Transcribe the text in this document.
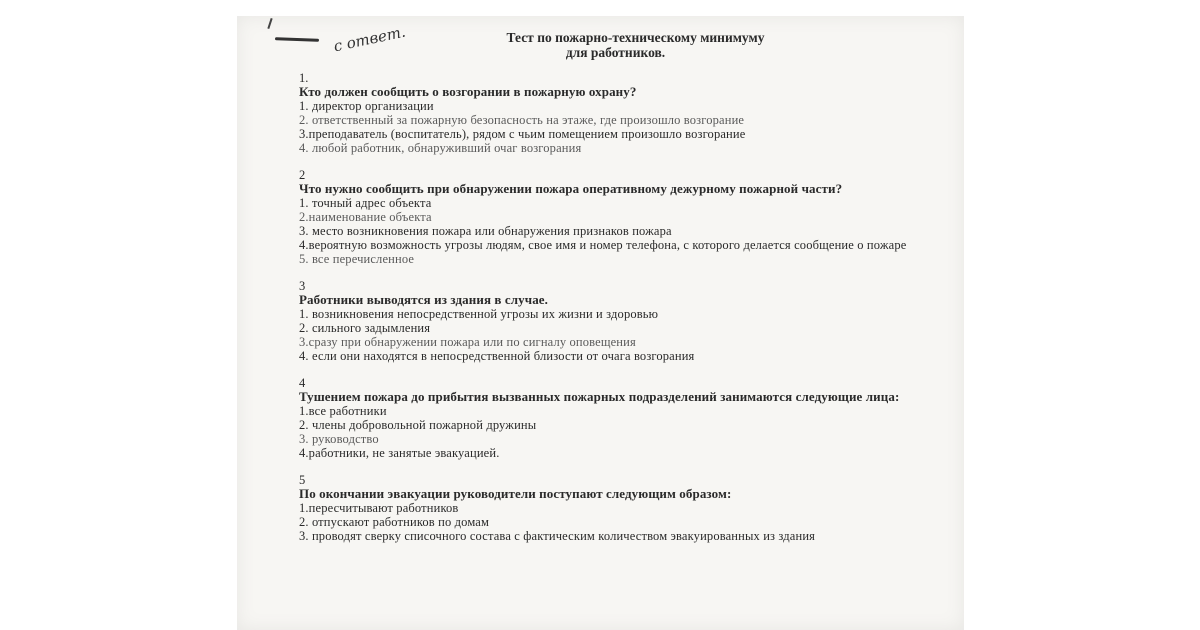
с ответ.	Тест по пожарно-техническому минимуму
для работников.
1.
Кто должен сообщить о возгорании в пожарную охрану?
1. директор организации
2. ответственный за пожарную безопасность на этаже, где произошло возгорание
3.преподаватель (воспитатель), рядом с чьим помещением произошло возгорание
4. любой работник, обнаруживший очаг возгорания
2
Что нужно сообщить при обнаружении пожара оперативному дежурному пожарной части?
1. точный адрес объекта
2.наименование объекта
3. место возникновения пожара или обнаружения признаков пожара
4.вероятную возможность угрозы людям, свое имя и номер телефона, с которого делается сообщение о пожаре
5. все перечисленное
3
Работники выводятся из здания в случае.
1. возникновения непосредственной угрозы их жизни и здоровью
2. сильного задымления
3.сразу при обнаружении пожара или по сигналу оповещения
4. если они находятся в непосредственной близости от очага возгорания
4
Тушением пожара до прибытия вызванных пожарных подразделений занимаются следующие лица:
1.все работники
2. члены добровольной пожарной дружины
3. руководство
4.работники, не занятые эвакуацией.
5
По окончании эвакуации руководители поступают следующим образом:
1.пересчитывают работников
2. отпускают работников по домам
3. проводят сверку списочного состава с фактическим количеством эвакуированных из здания
